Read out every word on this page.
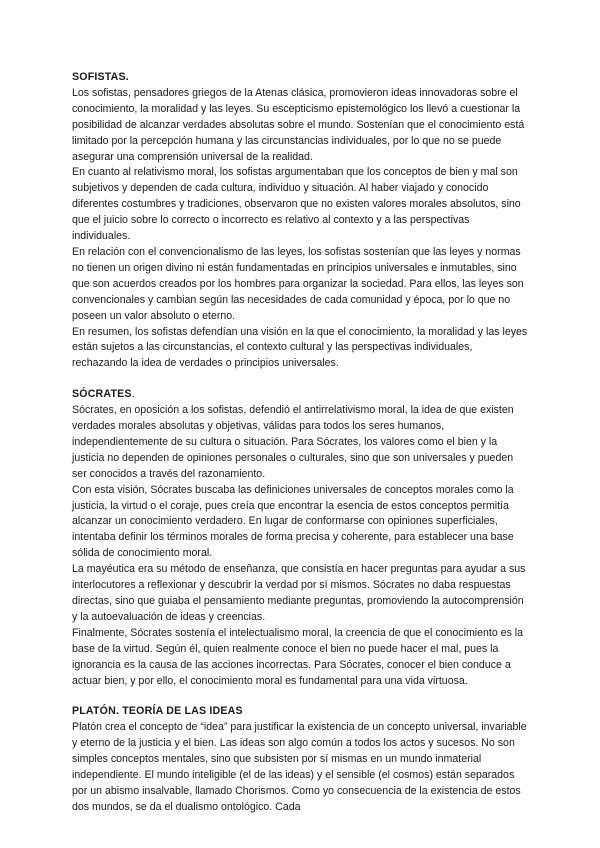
SOFISTAS.

Los sofistas, pensadores griegos de la Atenas clásica, promovieron ideas innovadoras sobre el conocimiento, la moralidad y las leyes. Su escepticismo epistemológico los llevó a cuestionar la posibilidad de alcanzar verdades absolutas sobre el mundo. Sostenían que el conocimiento está limitado por la percepción humana y las circunstancias individuales, por lo que no se puede asegurar una comprensión universal de la realidad.

En cuanto al relativismo moral, los sofistas argumentaban que los conceptos de bien y mal son subjetivos y dependen de cada cultura, individuo y situación. Al haber viajado y conocido diferentes costumbres y tradiciones, observaron que no existen valores morales absolutos, sino que el juicio sobre lo correcto o incorrecto es relativo al contexto y a las perspectivas individuales.

En relación con el convencionalismo de las leyes, los sofistas sostenían que las leyes y normas no tienen un origen divino ni están fundamentadas en principios universales e inmutables, sino que son acuerdos creados por los hombres para organizar la sociedad. Para ellos, las leyes son convencionales y cambian según las necesidades de cada comunidad y época, por lo que no poseen un valor absoluto o eterno.

En resumen, los sofistas defendían una visión en la que el conocimiento, la moralidad y las leyes están sujetos a las circunstancias, el contexto cultural y las perspectivas individuales, rechazando la idea de verdades o principios universales.

SÓCRATES.

Sócrates, en oposición a los sofistas, defendió el antirrelativismo moral, la idea de que existen verdades morales absolutas y objetivas, válidas para todos los seres humanos, independientemente de su cultura o situación. Para Sócrates, los valores como el bien y la justicia no dependen de opiniones personales o culturales, sino que son universales y pueden ser conocidos a través del razonamiento.

Con esta visión, Sócrates buscaba las definiciones universales de conceptos morales como la justicia, la virtud o el coraje, pues creía que encontrar la esencia de estos conceptos permitía alcanzar un conocimiento verdadero. En lugar de conformarse con opiniones superficiales, intentaba definir los términos morales de forma precisa y coherente, para establecer una base sólida de conocimiento moral.

La mayéutica era su método de enseñanza, que consistía en hacer preguntas para ayudar a sus interlocutores a reflexionar y descubrir la verdad por sí mismos. Sócrates no daba respuestas directas, sino que guiaba el pensamiento mediante preguntas, promoviendo la autocomprensión y la autoevaluación de ideas y creencias.

Finalmente, Sócrates sostenía el intelectualismo moral, la creencia de que el conocimiento es la base de la virtud. Según él, quien realmente conoce el bien no puede hacer el mal, pues la ignorancia es la causa de las acciones incorrectas. Para Sócrates, conocer el bien conduce a actuar bien, y por ello, el conocimiento moral es fundamental para una vida virtuosa.

PLATÓN. TEORÍA DE LAS IDEAS

Platón crea el concepto de “idea” para justificar la existencia de un concepto universal, invariable y eterno de la justicia y el bien. Las ideas son algo común a todos los actos y sucesos. No son simples conceptos mentales, sino que subsisten por sí mismas en un mundo inmaterial independiente. El mundo inteligible (el de las ideas) y el sensible (el cosmos) están separados por un abismo insalvable, llamado Chorismos. Como yo consecuencia de la existencia de estos dos mundos, se da el dualismo ontológico. Cada
